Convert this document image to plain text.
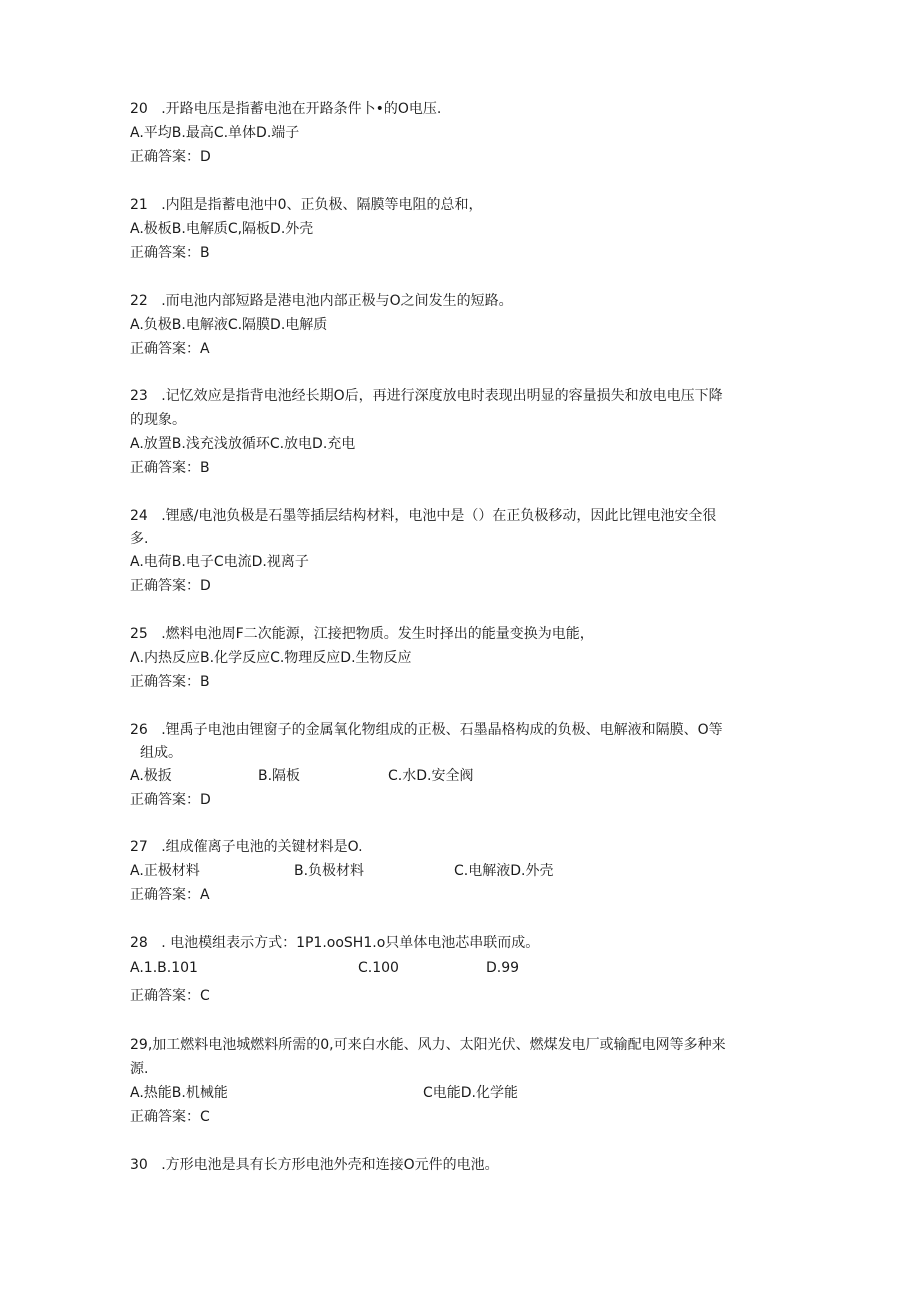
20 .开路电压是指蓄电池在开路条件卜•的O电压.
A.平均B.最高C.单体D.端子
正确答案：D
21 .内阻是指蓄电池中0、正负极、隔膜等电阻的总和，
A.极板B.电解质C,隔板D.外壳
正确答案：B
22 .而电池内部短路是港电池内部正极与O之间发生的短路。
A.负极B.电解液C.隔膜D.电解质
正确答案：A
23 .记忆效应是指背电池经长期O后，再进行深度放电时表现出明显的容量损失和放电电压下降
的现象。
A.放置B.浅充浅放循环C.放电D.充电
正确答案：B
24 .锂感/电池负极是石墨等插层结构材料，电池中是（）在正负极移动，因此比锂电池安全很
多.
A.电荷B.电子C电流D.视离子
正确答案：D
25 .燃料电池周F二次能源，江接把物质。发生时择出的能量变换为电能，
Λ.内热反应B.化学反应C.物理反应D.生物反应
正确答案：B
26 .锂禹子电池由锂窗子的金属氧化物组成的正极、石墨晶格构成的负极、电解液和隔膜、O等
组成。
A.极扳	B.隔板	C.水D.安全阀
正确答案：D
27 .组成傕离子电池的关键材料是O.
A.正极材料	B.负极材料	C.电解液D.外壳
正确答案：A
28 . 电池模组表示方式：1P1.ooSH1.o只单体电池芯串联而成。
A.1.B.101	C.100	D.99
正确答案：C
29,加工燃料电池城燃料所需的0,可来白水能、风力、太阳光伏、燃煤发电厂或输配电网等多种来
源.
A.热能B.机械能	C电能D.化学能
正确答案：C
30 .方形电池是具有长方形电池外壳和连接O元件的电池。
